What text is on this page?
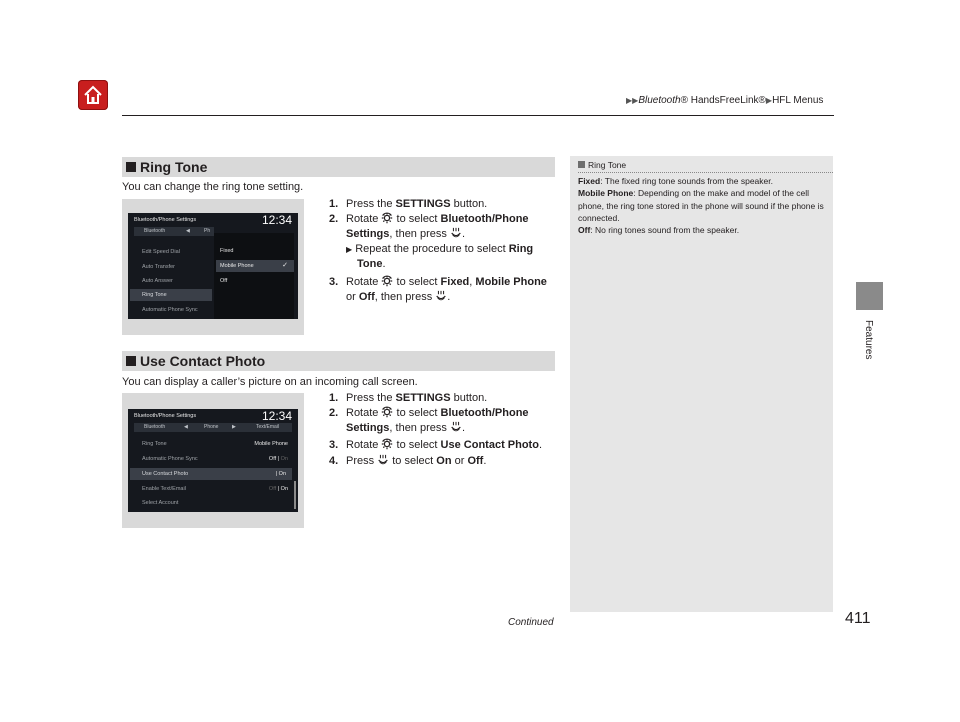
▶▶Bluetooth® HandsFreeLink®▶HFL Menus
Features
Ring Tone
You can change the ring tone setting.
Bluetooth/Phone Settings	12:34
Bluetooth	◀	Ph
Edit Speed Dial
Auto Transfer
Auto Answer
Ring Tone
Automatic Phone Sync
Fixed
Mobile Phone	✓
Off
1. Press the SETTINGS button.
2. Rotate  to select Bluetooth/Phone
Settings, then press .
▶ Repeat the procedure to select Ring
Tone.
3. Rotate  to select Fixed, Mobile Phone
or Off, then press .
Use Contact Photo
You can display a caller’s picture on an incoming call screen.
Bluetooth/Phone Settings	12:34
Bluetooth	◀	Phone	▶	Text/Email
Ring Tone	Mobile Phone
Automatic Phone Sync	Off | On
Use Contact Photo	| On
Enable Text/Email	Off | On
Select Account
1. Press the SETTINGS button.
2. Rotate  to select Bluetooth/Phone
Settings, then press .
3. Rotate  to select Use Contact Photo.
4. Press  to select On or Off.
Ring Tone
Fixed: The fixed ring tone sounds from the speaker.
Mobile Phone: Depending on the make and model of the cell phone, the ring tone stored in the phone will sound if the phone is connected.
Off: No ring tones sound from the speaker.
Continued	411
